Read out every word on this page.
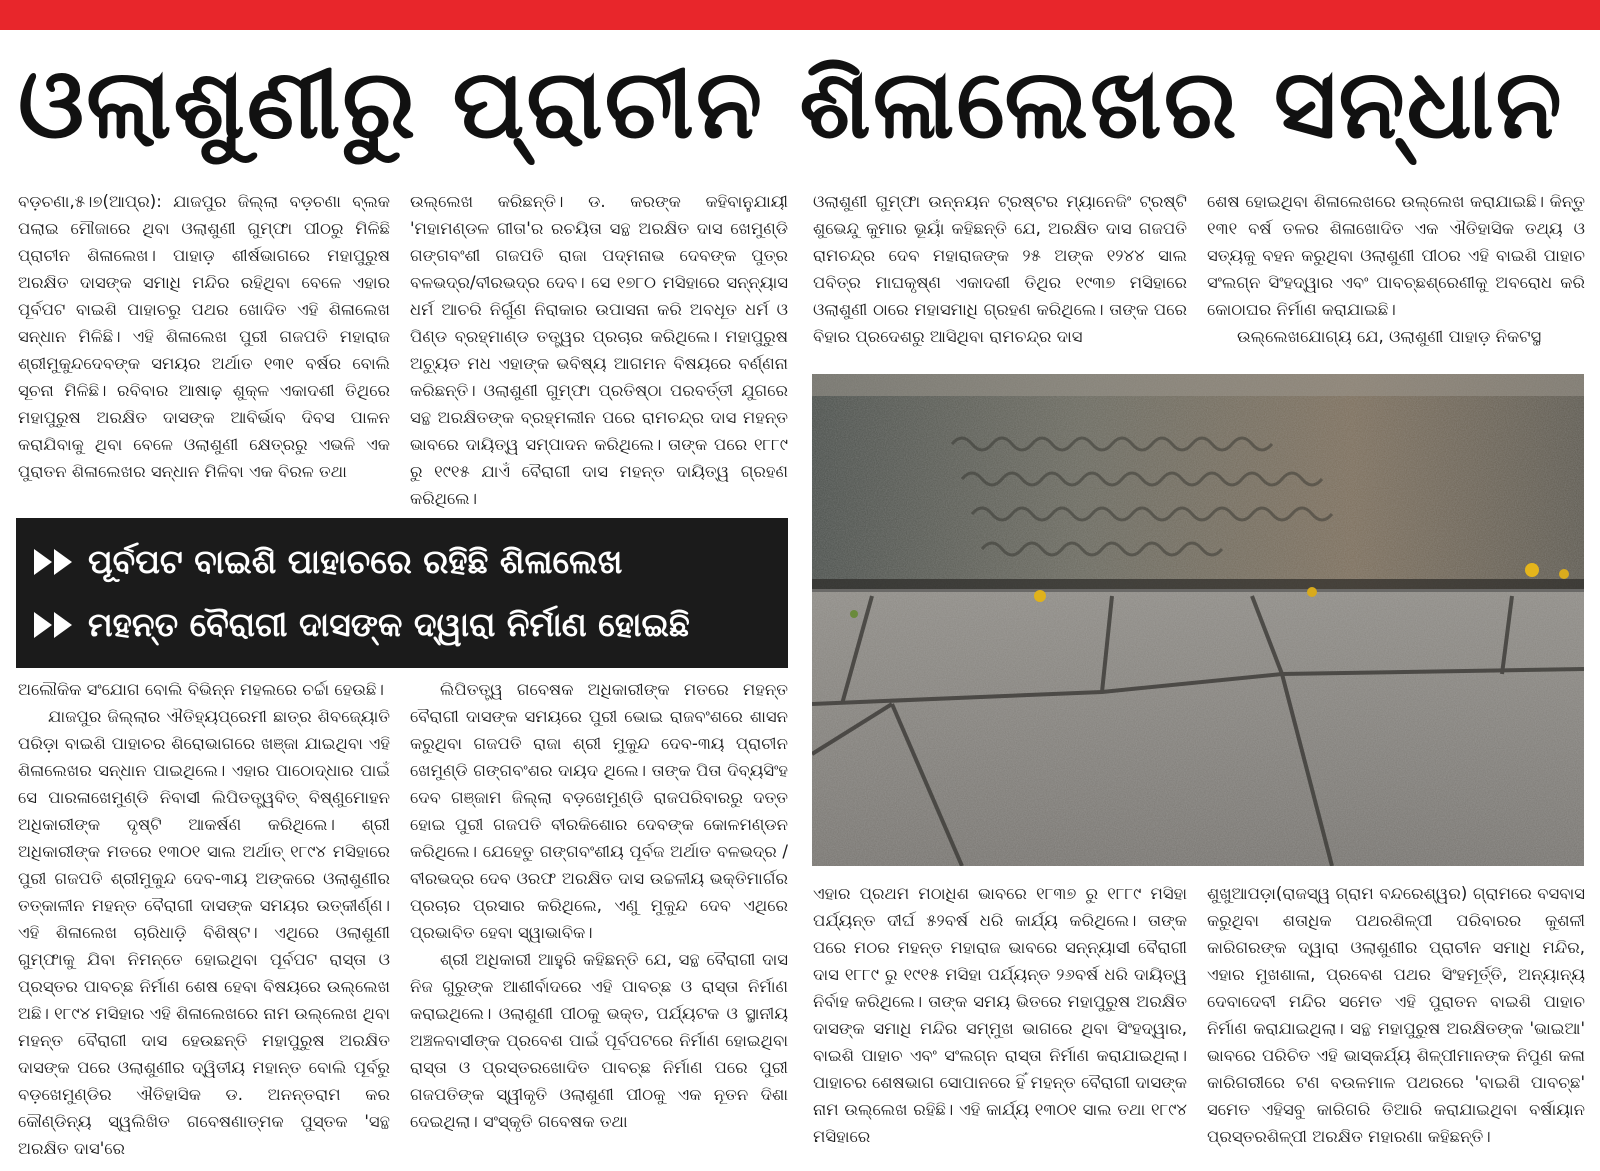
ଓଲାଶୁଣୀରୁ ପ୍ରାଚୀନ ଶିଳାଲେଖର ସନ୍ଧାନ

ବଡ଼ଚଣା,୫।୭(ଆପ୍ର): ଯାଜପୁର ଜିଲ୍ଲା ବଡ଼ଚଣା ବ୍ଲକ ପଲାଇ ମୌଜାରେ ଥିବା ଓଲାଶୁଣୀ ଗୁମ୍ଫା ପୀଠରୁ ମିଳିଛି ପ୍ରାଚୀନ ଶିଳାଲେଖ। ପାହାଡ଼ ଶୀର୍ଷଭାଗରେ ମହାପୁରୁଷ ଅରକ୍ଷିତ ଦାସଙ୍କ ସମାଧି ମନ୍ଦିର ରହିଥିବା ବେଳେ ଏହାର ପୂର୍ବପଟ ବାଇଶି ପାହାଚରୁ ପଥର ଖୋଦିତ ଏହି ଶିଳାଲେଖ ସନ୍ଧାନ ମିଳିଛି। ଏହି ଶିଳାଲେଖ ପୁରୀ ଗଜପତି ମହାରାଜ ଶ୍ରୀମୁକୁନ୍ଦଦେବଙ୍କ ସମୟର ଅର୍ଥାତ ୧୩୧ ବର୍ଷର ବୋଲି ସୂଚନା ମିଳିଛି। ରବିବାର ଆଷାଢ଼ ଶୁକ୍ଳ ଏକାଦଶୀ ତିଥିରେ ମହାପୁରୁଷ ଅରକ୍ଷିତ ଦାସଙ୍କ ଆବିର୍ଭାବ ଦିବସ ପାଳନ କରାଯିବାକୁ ଥିବା ବେଳେ ଓଲାଶୁଣୀ କ୍ଷେତ୍ରରୁ ଏଭଳି ଏକ ପୁରାତନ ଶିଳାଲେଖର ସନ୍ଧାନ ମିଳିବା ଏକ ବିରଳ ତଥା

ଉଲ୍ଲେଖ କରିଛନ୍ତି। ଡ. କରଙ୍କ କହିବାନୁଯାୟୀ 'ମହାମଣ୍ଡଳ ଗୀତା'ର ରଚୟିତା ସନ୍ଥ ଅରକ୍ଷିତ ଦାସ ଖେମୁଣ୍ଡି ଗଙ୍ଗବଂଶୀ ଗଜପତି ରାଜା ପଦ୍ମନାଭ ଦେବଙ୍କ ପୁତ୍ର ବଳଭଦ୍ର/ବୀରଭଦ୍ର ଦେବ। ସେ ୧୭୮୦ ମସିହାରେ ସନ୍ନ୍ୟାସ ଧର୍ମ ଆଚରି ନିର୍ଗୁଣ ନିରାକାର ଉପାସନା କରି ଅବଧୂତ ଧର୍ମ ଓ ପିଣ୍ଡ ବ୍ରହ୍ମାଣ୍ଡ ତତ୍ତ୍ୱର ପ୍ରଚାର କରିଥିଲେ। ମହାପୁରୁଷ ଅଚ୍ୟୁତ ମଧ ଏହାଙ୍କ ଭବିଷ୍ୟ ଆଗମନ ବିଷୟରେ ବର୍ଣ୍ଣନା କରିଛନ୍ତି। ଓଲାଶୁଣୀ ଗୁମ୍ଫା ପ୍ରତିଷ୍ଠା ପରବର୍ତ୍ତୀ ଯୁଗରେ ସନ୍ଥ ଅରକ୍ଷିତଙ୍କ ବ୍ରହ୍ମଲୀନ ପରେ ରାମଚନ୍ଦ୍ର ଦାସ ମହନ୍ତ ଭାବରେ ଦାୟିତ୍ୱ ସମ୍ପାଦନ କରିଥିଲେ। ତାଙ୍କ ପରେ ୧୮୮୯ ରୁ ୧୯୧୫ ଯାଏଁ ବୈରାଗୀ ଦାସ ମହନ୍ତ ଦାୟିତ୍ୱ ଗ୍ରହଣ କରିଥିଲେ।

ଓଲାଶୁଣୀ ଗୁମ୍ଫା ଉନ୍ନୟନ ଟ୍ରଷ୍ଟର ମ୍ୟାନେଜିଂ ଟ୍ରଷ୍ଟି ଶୁଭେନ୍ଦୁ କୁମାର ଭୂୟାଁ କହିଛନ୍ତି ଯେ, ଅରକ୍ଷିତ ଦାସ ଗଜପତି ରାମଚନ୍ଦ୍ର ଦେବ ମହାରାଜଙ୍କ ୨୫ ଅଙ୍କ ୧୨୪୪ ସାଲ ପବିତ୍ର ମାଘକୃଷ୍ଣ ଏକାଦଶୀ ତିଥିର ୧୯୩୭ ମସିହାରେ ଓଲାଶୁଣୀ ଠାରେ ମହାସମାଧି ଗ୍ରହଣ କରିଥିଲେ। ତାଙ୍କ ପରେ ବିହାର ପ୍ରଦେଶରୁ ଆସିଥିବା ରାମଚନ୍ଦ୍ର ଦାସ

ଶେଷ ହୋଇଥିବା ଶିଳାଲେଖରେ ଉଲ୍ଲେଖ କରାଯାଇଛି। କିନ୍ତୁ ୧୩୧ ବର୍ଷ ତଳର ଶିଳାଖୋଦିତ ଏକ ଐତିହାସିକ ତଥ୍ୟ ଓ ସତ୍ୟକୁ ବହନ କରୁଥିବା ଓଲାଶୁଣୀ ପୀଠର ଏହି ବାଇଶି ପାହାଚ ସଂଲଗ୍ନ ସିଂହଦ୍ୱାର ଏବଂ ପାବଚ୍ଛଶ୍ରେଣୀକୁ ଅବରୋଧ କରି କୋଠାଘର ନିର୍ମାଣ କରାଯାଇଛି।

ଉଲ୍ଲେଖଯୋଗ୍ୟ ଯେ, ଓଲାଶୁଣୀ ପାହାଡ଼ ନିକଟସ୍ଥ

ପୂର୍ବପଟ ବାଇଶି ପାହାଚରେ ରହିଛି ଶିଳାଲେଖ
ମହନ୍ତ ବୈରାଗୀ ଦାସଙ୍କ ଦ୍ୱାରା ନିର୍ମାଣ ହୋଇଛି

ଅଲୌକିକ ସଂଯୋଗ ବୋଲି ବିଭିନ୍ନ ମହଲରେ ଚର୍ଚ୍ଚା ହେଉଛି।

ଯାଜପୁର ଜିଲ୍ଲାର ଐତିହ୍ୟପ୍ରେମୀ ଛାତ୍ର ଶିବଜ୍ୟୋତି ପରିଡ଼ା ବାଇଶି ପାହାଚର ଶିରୋଭାଗରେ ଖଞ୍ଜା ଯାଇଥିବା ଏହି ଶିଳାଲେଖର ସନ୍ଧାନ ପାଇଥିଲେ। ଏହାର ପାଠୋଦ୍ଧାର ପାଇଁ ସେ ପାରଳାଖେମୁଣ୍ଡି ନିବାସୀ ଲିପିତତ୍ତ୍ୱବିତ୍ ବିଷ୍ଣୁମୋହନ ଅଧିକାରୀଙ୍କ ଦୃଷ୍ଟି ଆକର୍ଷଣ କରିଥିଲେ। ଶ୍ରୀ ଅଧିକାରୀଙ୍କ ମତରେ ୧୩୦୧ ସାଲ ଅର୍ଥାତ୍ ୧୮୯୪ ମସିହାରେ ପୁରୀ ଗଜପତି ଶ୍ରୀମୁକୁନ୍ଦ ଦେବ-୩ୟ ଅଙ୍କରେ ଓଲାଶୁଣୀର ତତ୍କାଳୀନ ମହନ୍ତ ବୈରାଗୀ ଦାସଙ୍କ ସମୟର ଉତ୍କୀର୍ଣ୍ଣ। ଏହି ଶିଳାଲେଖ ଚାରିଧାଡ଼ି ବିଶିଷ୍ଟ। ଏଥିରେ ଓଲାଶୁଣୀ ଗୁମ୍ଫାକୁ ଯିବା ନିମନ୍ତେ ହୋଇଥିବା ପୂର୍ବପଟ ରାସ୍ତା ଓ ପ୍ରସ୍ତର ପାବଚ୍ଛ ନିର୍ମାଣ ଶେଷ ହେବା ବିଷୟରେ ଉଲ୍ଲେଖ ଅଛି। ୧୮୯୪ ମସିହାର ଏହି ଶିଳାଲେଖରେ ନାମ ଉଲ୍ଲେଖ ଥିବା ମହନ୍ତ ବୈରାଗୀ ଦାସ ହେଉଛନ୍ତି ମହାପୁରୁଷ ଅରକ୍ଷିତ ଦାସଙ୍କ ପରେ ଓଲାଶୁଣୀର ଦ୍ୱିତୀୟ ମହାନ୍ତ ବୋଲି ପୂର୍ବରୁ ବଡ଼ଖେମୁଣ୍ଡିର ଐତିହାସିକ ଡ. ଅନନ୍ତରାମ କର କୌଣ୍ଡିନ୍ୟ ସ୍ୱଲିଖିତ ଗବେଷଣାତ୍ମକ ପୁସ୍ତକ 'ସନ୍ଥ ଅରକ୍ଷିତ ଦାସ'ରେ

ଲିପିତତ୍ତ୍ୱ ଗବେଷକ ଅଧିକାରୀଙ୍କ ମତରେ ମହନ୍ତ ବୈରାଗୀ ଦାସଙ୍କ ସମୟରେ ପୁରୀ ଭୋଇ ରାଜବଂଶରେ ଶାସନ କରୁଥିବା ଗଜପତି ରାଜା ଶ୍ରୀ ମୁକୁନ୍ଦ ଦେବ-୩ୟ ପ୍ରାଚୀନ ଖେମୁଣ୍ଡି ଗଙ୍ଗବଂଶର ଦାୟଦ ଥିଲେ। ତାଙ୍କ ପିତା ଦିବ୍ୟସିଂହ ଦେବ ଗଞ୍ଜାମ ଜିଲ୍ଲା ବଡ଼ଖେମୁଣ୍ଡି ରାଜପରିବାରରୁ ଦତ୍ତ ହୋଇ ପୁରୀ ଗଜପତି ବୀରକିଶୋର ଦେବଙ୍କ କୋଳମଣ୍ଡନ କରିଥିଲେ। ଯେହେତୁ ଗଙ୍ଗବଂଶୀୟ ପୂର୍ବଜ ଅର୍ଥାତ ବଳଭଦ୍ର /ବୀରଭଦ୍ର ଦେବ ଓରଫ ଅରକ୍ଷିତ ଦାସ ଉଚ୍ଚଳୀୟ ଭକ୍ତିମାର୍ଗର ପ୍ରଚାର ପ୍ରସାର କରିଥିଲେ, ଏଣୁ ମୁକୁନ୍ଦ ଦେବ ଏଥିରେ ପ୍ରଭାବିତ ହେବା ସ୍ୱାଭାବିକ।

ଶ୍ରୀ ଅଧିକାରୀ ଆହୁରି କହିଛନ୍ତି ଯେ, ସନ୍ଥ ବୈରାଗୀ ଦାସ ନିଜ ଗୁରୁଙ୍କ ଆଶୀର୍ବାଦରେ ଏହି ପାବଚ୍ଛ ଓ ରାସ୍ତା ନିର୍ମାଣ କରାଇଥିଲେ। ଓଲାଶୁଣୀ ପୀଠକୁ ଭକ୍ତ, ପର୍ଯ୍ୟଟକ ଓ ସ୍ଥାନୀୟ ଅଞ୍ଚଳବାସୀଙ୍କ ପ୍ରବେଶ ପାଇଁ ପୂର୍ବପଟରେ ନିର୍ମାଣ ହୋଇଥିବା ରାସ୍ତା ଓ ପ୍ରସ୍ତରଖୋଦିତ ପାବଚ୍ଛ ନିର୍ମାଣ ପରେ ପୁରୀ ଗଜପତିଙ୍କ ସ୍ୱୀକୃତି ଓଲାଶୁଣୀ ପୀଠକୁ ଏକ ନୂତନ ଦିଶା ଦେଇଥିଲା। ସଂସ୍କୃତି ଗବେଷକ ତଥା

ଏହାର ପ୍ରଥମ ମଠାଧିଶ ଭାବରେ ୧୮୩୭ ରୁ ୧୮୮୯ ମସିହା ପର୍ଯ୍ୟନ୍ତ ଦୀର୍ଘ ୫୨ବର୍ଷ ଧରି କାର୍ଯ୍ୟ କରିଥିଲେ। ତାଙ୍କ ପରେ ମଠର ମହନ୍ତ ମହାରାଜ ଭାବରେ ସନ୍ନ୍ୟାସୀ ବୈରାଗୀ ଦାସ ୧୮୮୯ ରୁ ୧୯୧୫ ମସିହା ପର୍ଯ୍ୟନ୍ତ ୨୬ବର୍ଷ ଧରି ଦାୟିତ୍ୱ ନିର୍ବାହ କରିଥିଲେ। ତାଙ୍କ ସମୟ ଭିତରେ ମହାପୁରୁଷ ଅରକ୍ଷିତ ଦାସଙ୍କ ସମାଧି ମନ୍ଦିର ସମ୍ମୁଖ ଭାଗରେ ଥିବା ସିଂହଦ୍ୱାର, ବାଇଶି ପାହାଚ ଏବଂ ସଂଲଗ୍ନ ରାସ୍ତା ନିର୍ମାଣ କରାଯାଇଥିଲା। ପାହାଚର ଶେଷଭାଗ ସୋପାନରେ ହିଁ ମହନ୍ତ ବୈରାଗୀ ଦାସଙ୍କ ନାମ ଉଲ୍ଲେଖ ରହିଛି। ଏହି କାର୍ଯ୍ୟ ୧୩୦୧ ସାଲ ତଥା ୧୮୯୪ ମସିହାରେ

ଶୁଖୁଆପଡ଼ା(ରାଜସ୍ୱ ଗ୍ରାମ ବନ୍ଦରେଶ୍ୱର) ଗ୍ରାମରେ ବସବାସ କରୁଥିବା ଶତାଧିକ ପଥରଶିଳ୍ପୀ ପରିବାରର କୁଶଳୀ କାରିଗରଙ୍କ ଦ୍ୱାରା ଓଲାଶୁଣୀର ପ୍ରାଚୀନ ସମାଧି ମନ୍ଦିର, ଏହାର ମୁଖଶାଳା, ପ୍ରବେଶ ପଥର ସିଂହମୂର୍ତ୍ତି, ଅନ୍ୟାନ୍ୟ ଦେବାଦେବୀ ମନ୍ଦିର ସମେତ ଏହି ପୁରାତନ ବାଇଶି ପାହାଚ ନିର୍ମାଣ କରାଯାଇଥିଲା। ସନ୍ଥ ମହାପୁରୁଷ ଅରକ୍ଷିତଙ୍କ 'ଭାଇଆ' ଭାବରେ ପରିଚିତ ଏହି ଭାସ୍କର୍ଯ୍ୟ ଶିଳ୍ପୀମାନଙ୍କ ନିପୁଣ କଳା କାରିଗରୀରେ ଟଣ ବଉଳମାଳ ପଥରରେ 'ବାଇଶି ପାବଚ୍ଛ' ସମେତ ଏହିସବୁ କାରିଗରି ତିଆରି କରାଯାଇଥିବା ବର୍ଷାୟାନ ପ୍ରସ୍ତରଶିଳ୍ପୀ ଅରକ୍ଷିତ ମହାରଣା କହିଛନ୍ତି।
